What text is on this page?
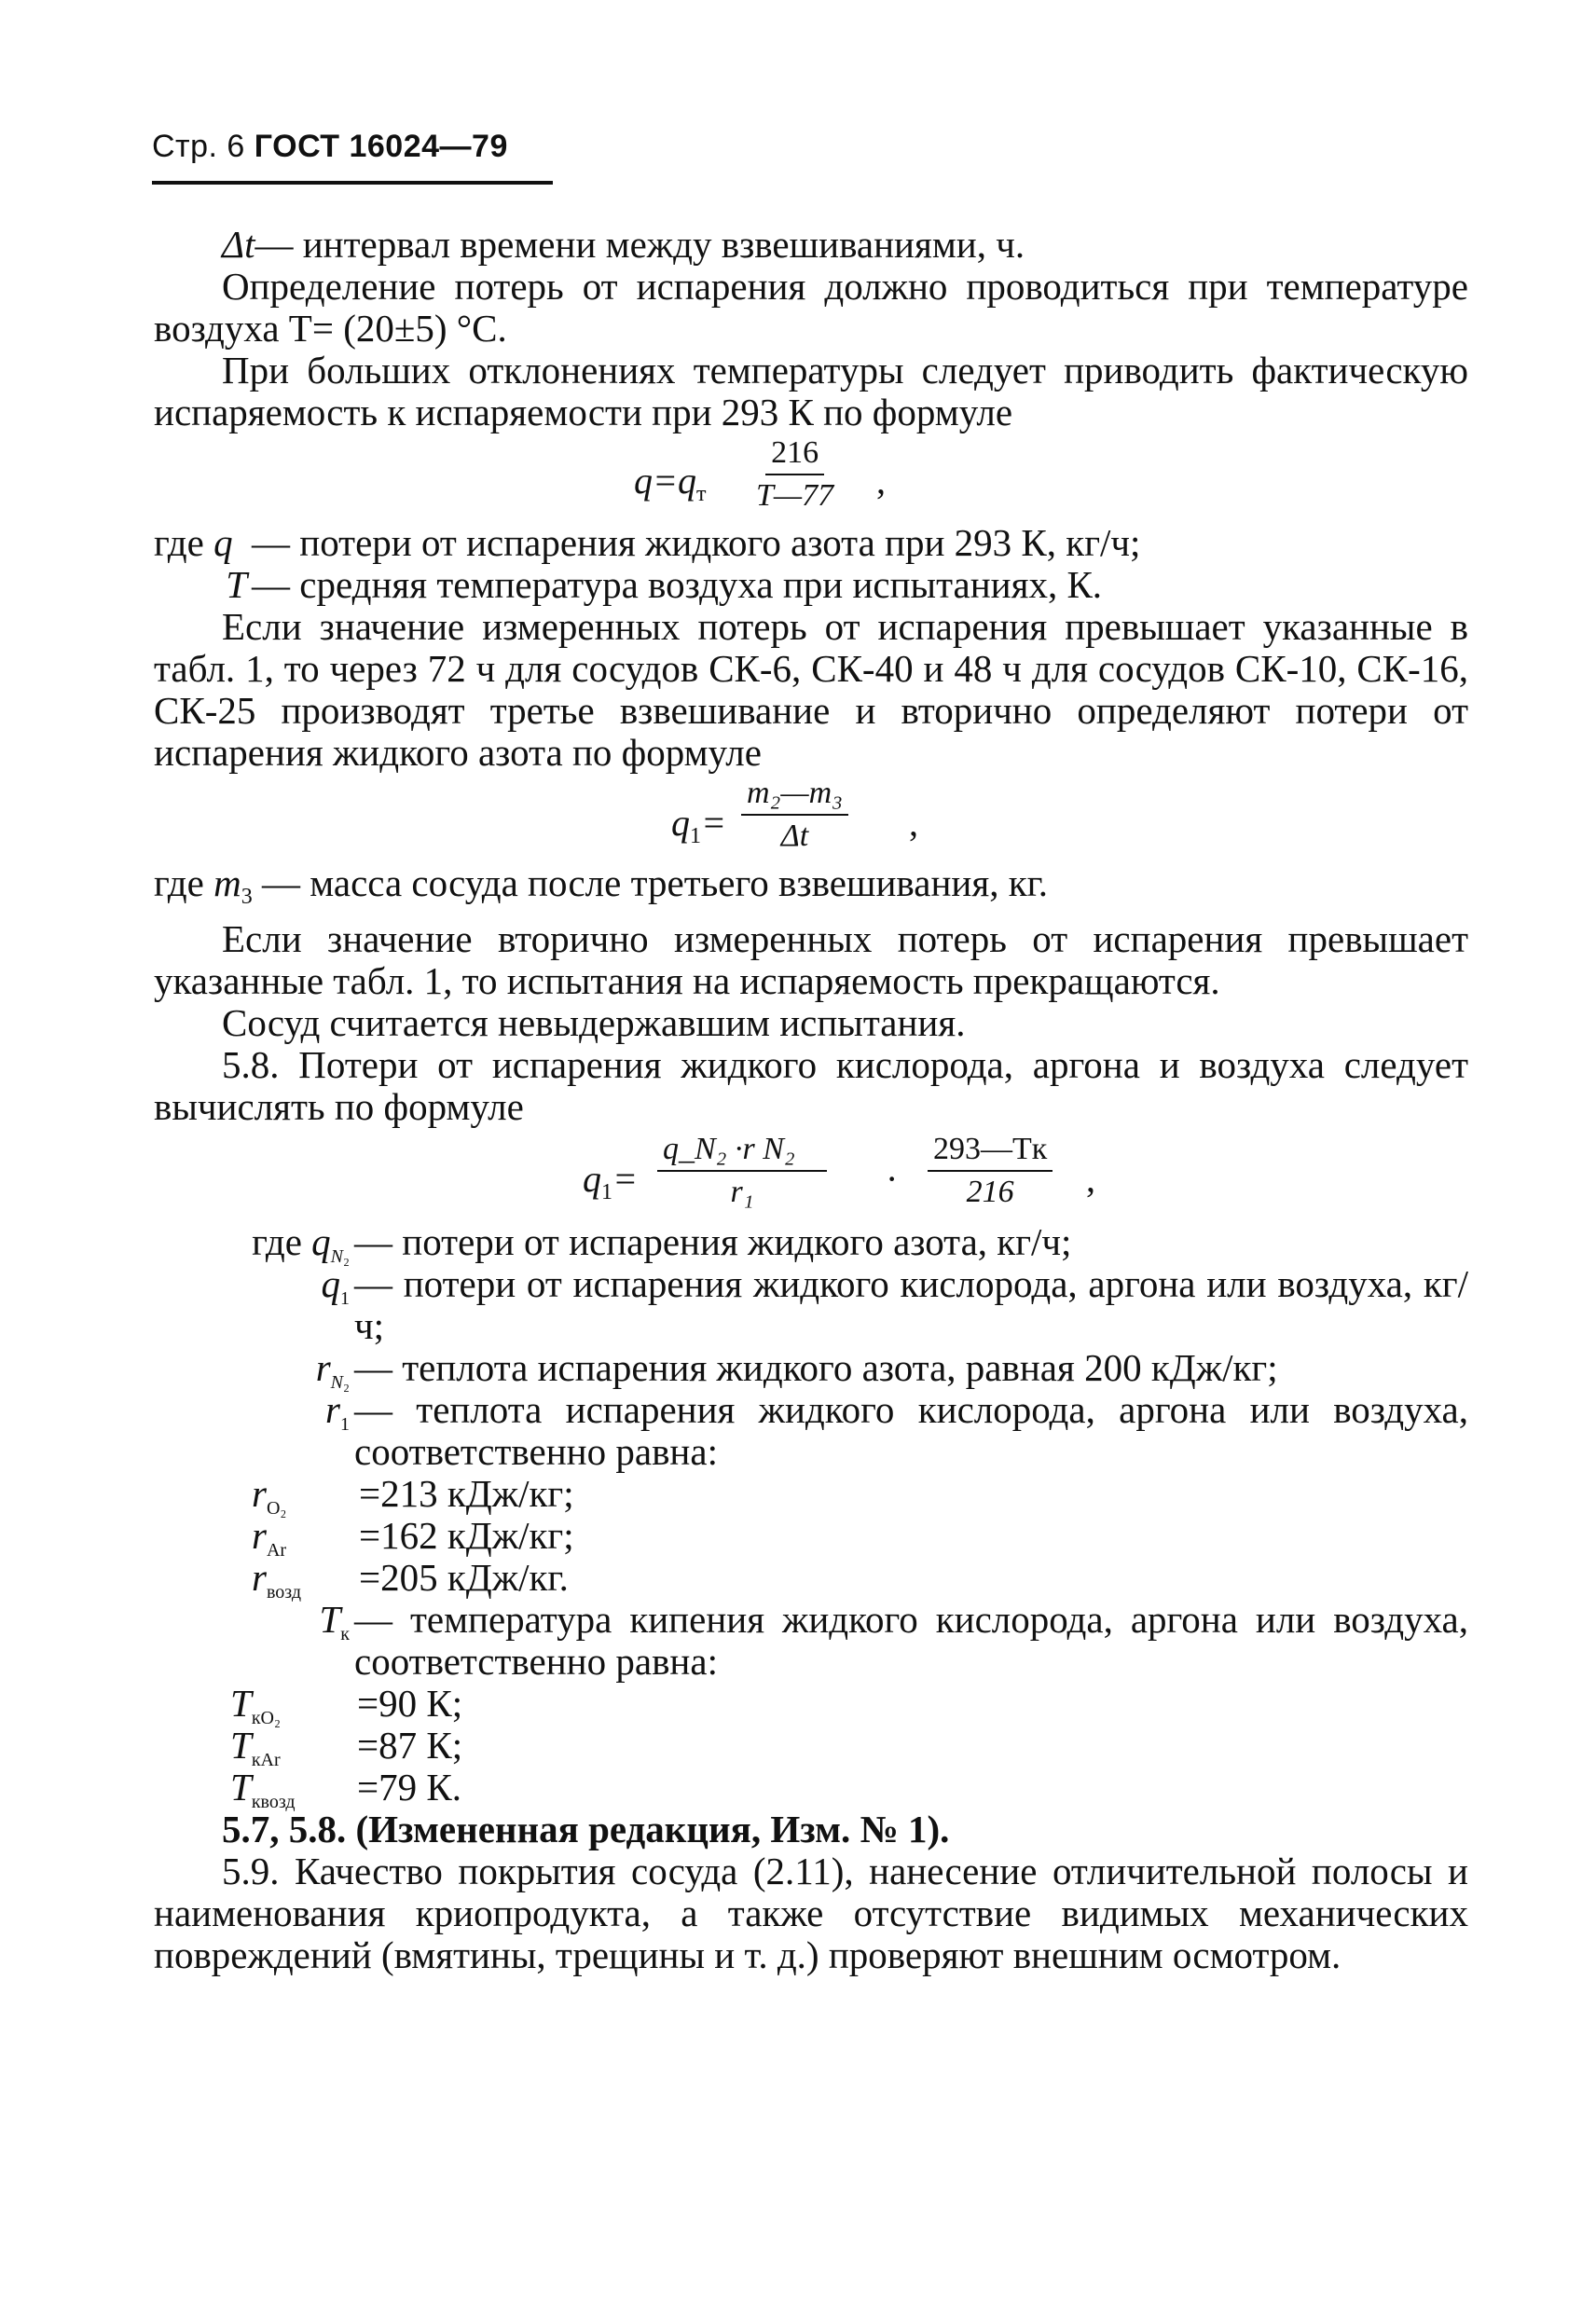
Стр. 6 ГОСТ 16024—79
Δt— интервал времени между взвешиваниями, ч.
Определение потерь от испарения должно проводиться при температуре воздуха T= (20±5) °C.
При больших отклонениях температуры следует приводить фактическую испаряемость к испаряемости при 293 К по формуле
$q=q_т \frac{216}{T—77}$ ,
где q — потери от испарения жидкого азота при 293 К, кг/ч;
T — средняя температура воздуха при испытаниях, К.
Если значение измеренных потерь от испарения превышает указанные в табл. 1, то через 72 ч для сосудов СК-6, СК-40 и 48 ч для сосудов СК-10, СК-16, СК-25 производят третье взвешивание и вторично определяют потери от испарения жидкого азота по формуле
$q_1= \frac{\text{m₂—m₃}}{\Delta t}$ ,
где $m_3$ — масса сосуда после третьего взвешивания, кг.
Если значение вторично измеренных потерь от испарения превышает указанные табл. 1, то испытания на испаряемость прекращаются.
Сосуд считается невыдержавшим испытания.
5.8. Потери от испарения жидкого кислорода, аргона и воздуха следует вычислять по формуле
$q_1= \frac{\text{q\_N₂ ·r N₂}}{\text{r₁}}$ ·
293—Tк
216 ,
где qN₂ — потери от испарения жидкого азота, кг/ч;
q1 — потери от испарения жидкого кислорода, аргона или воздуха, кг/ч;
rN₂ — теплота испарения жидкого азота, равная 200 кДж/кг;
r1 — теплота испарения жидкого кислорода, аргона или воздуха, соответственно равна:
rO₂ =213 кДж/кг;
rAr =162 кДж/кг;
rвозд =205 кДж/кг.
Tк — температура кипения жидкого кислорода, аргона или воздуха, соответственно равна:
TкO₂ =90 К;
TкAr =87 К;
Tквозд =79 К.
5.7, 5.8. (Измененная редакция, Изм. № 1).
5.9. Качество покрытия сосуда (2.11), нанесение отличительной полосы и наименования криопродукта, а также отсутствие видимых механических повреждений (вмятины, трещины и т. д.) проверяют внешним осмотром.
